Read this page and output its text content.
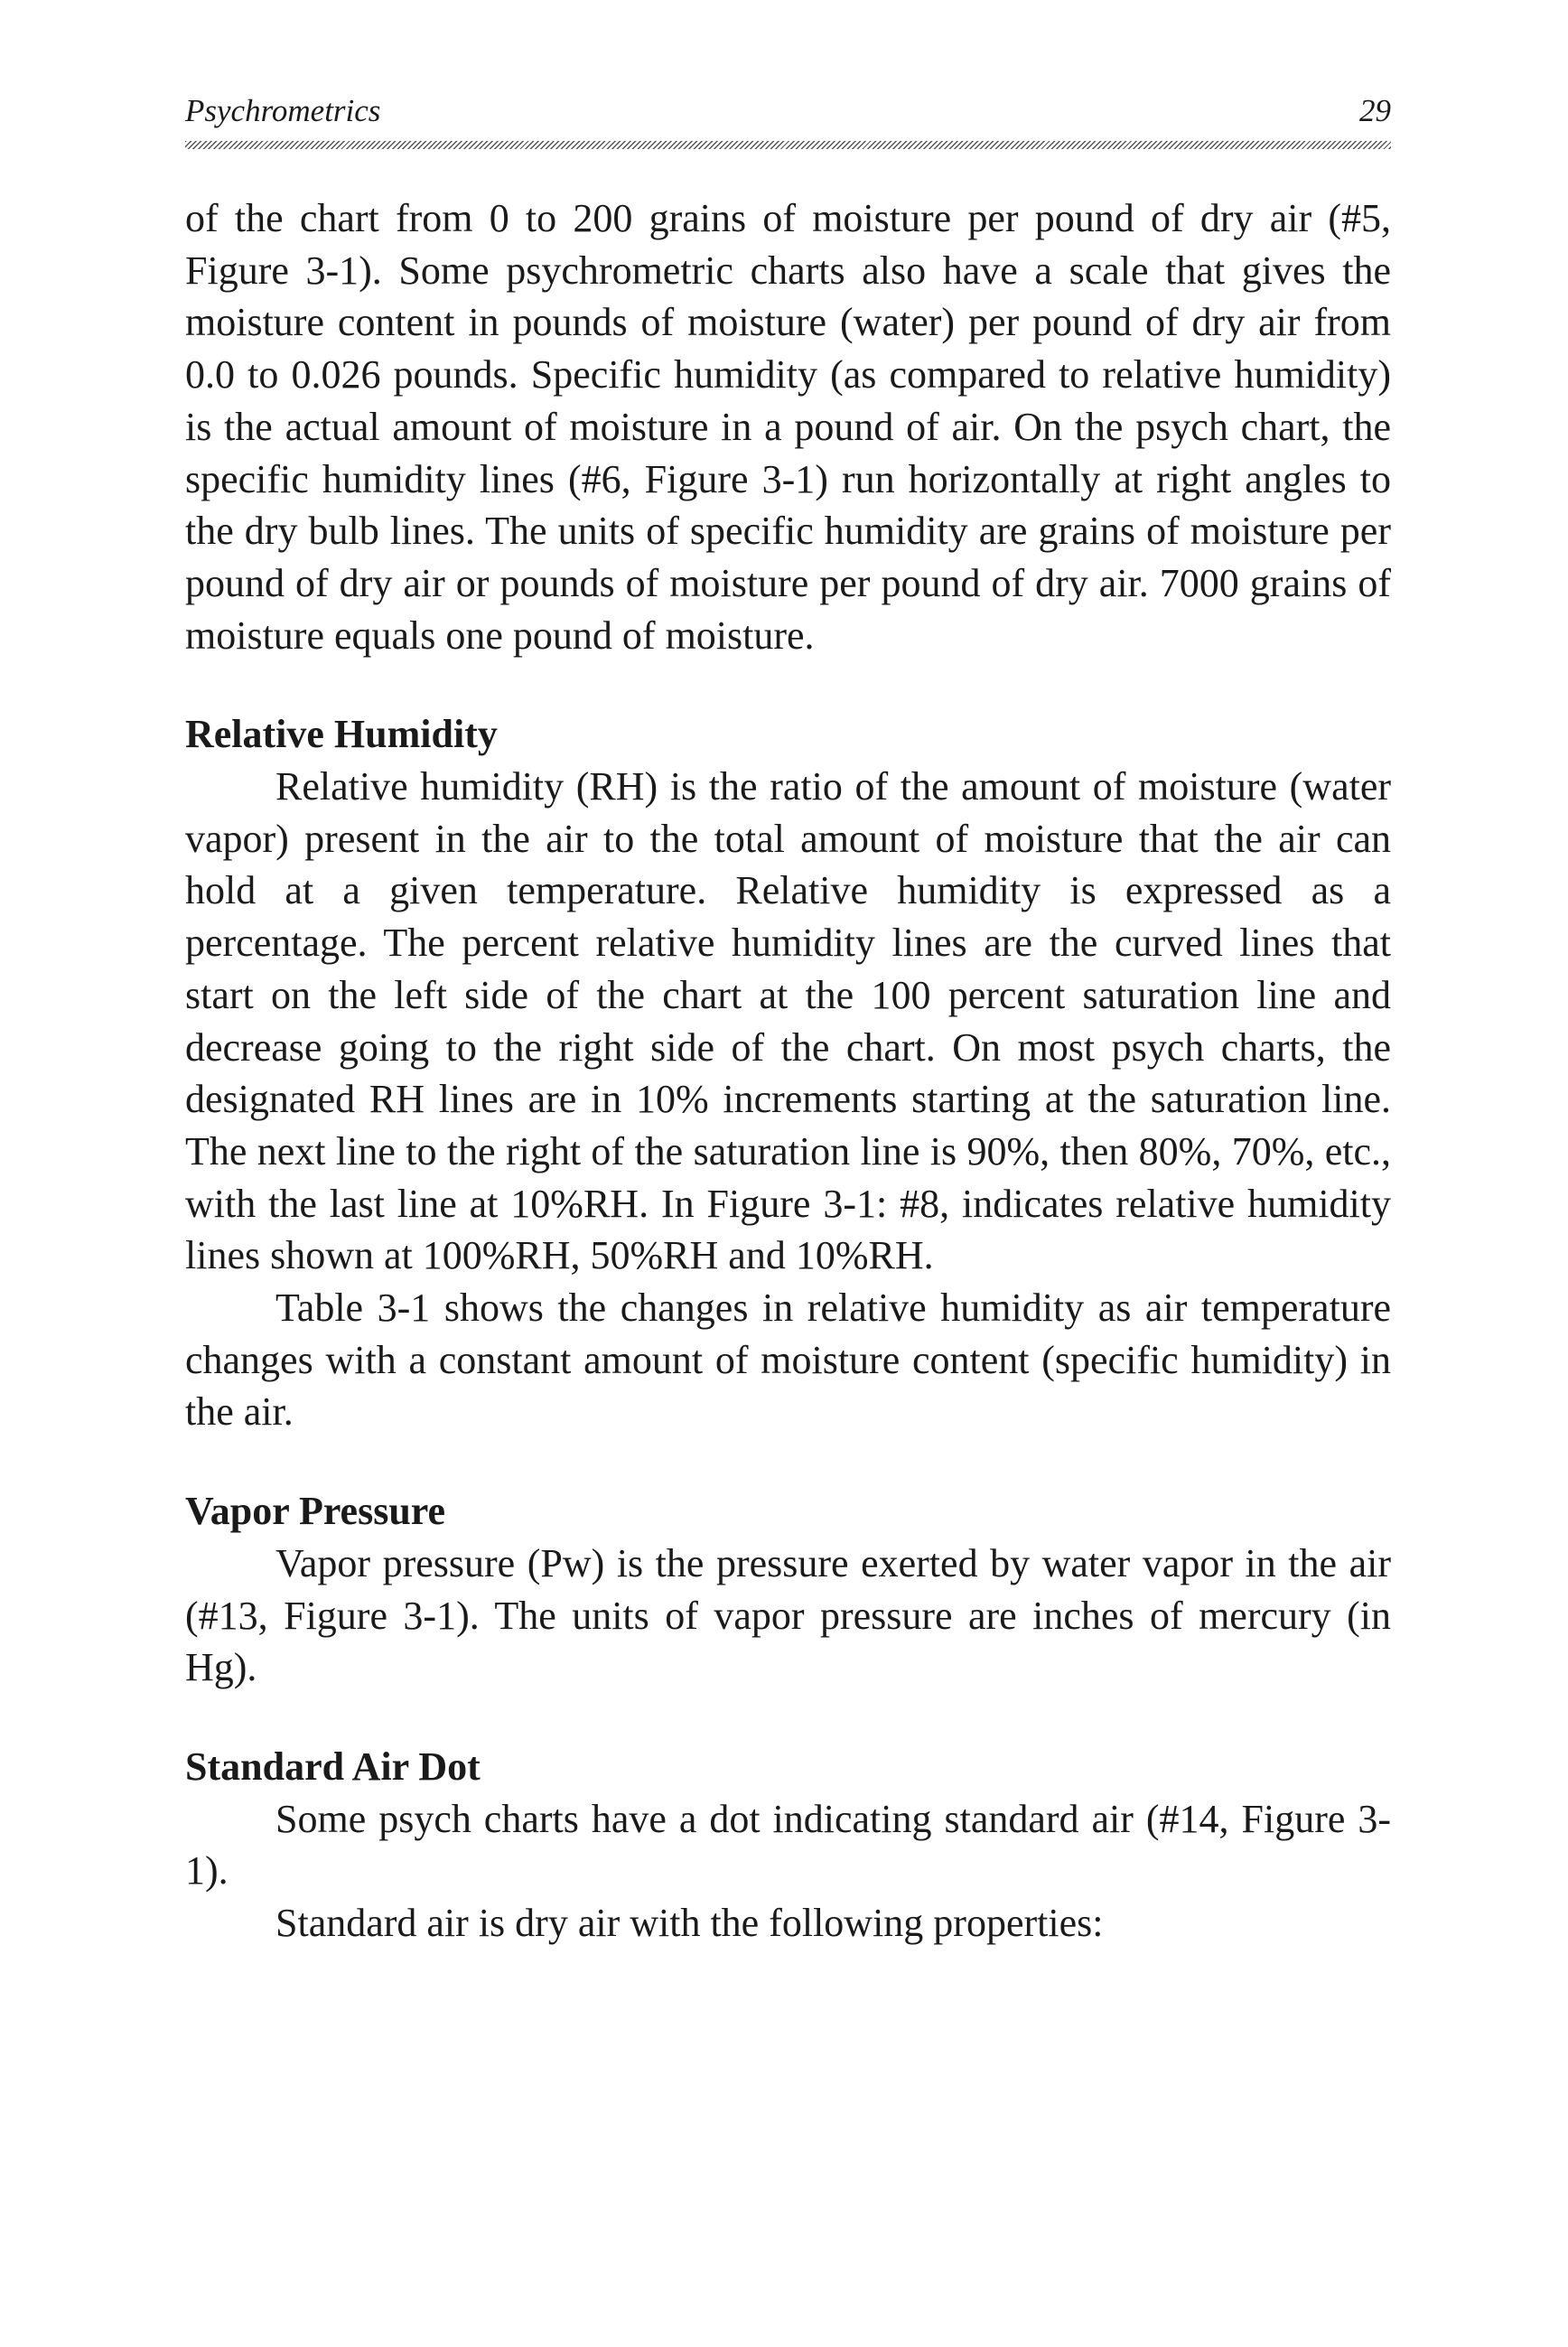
Psychrometrics	29

of the chart from 0 to 200 grains of moisture per pound of dry air (#5, Figure 3-1). Some psychrometric charts also have a scale that gives the moisture content in pounds of moisture (water) per pound of dry air from 0.0 to 0.026 pounds. Specific humidity (as compared to relative humidity) is the actual amount of moisture in a pound of air. On the psych chart, the specific humidity lines (#6, Figure 3-1) run horizontally at right angles to the dry bulb lines. The units of specific humidity are grains of moisture per pound of dry air or pounds of moisture per pound of dry air. 7000 grains of moisture equals one pound of moisture.

Relative Humidity

Relative humidity (RH) is the ratio of the amount of moisture (water vapor) present in the air to the total amount of moisture that the air can hold at a given temperature. Relative humidity is expressed as a percentage. The percent relative humidity lines are the curved lines that start on the left side of the chart at the 100 percent saturation line and decrease going to the right side of the chart. On most psych charts, the designated RH lines are in 10% increments starting at the saturation line. The next line to the right of the saturation line is 90%, then 80%, 70%, etc., with the last line at 10%RH. In Figure 3-1: #8, indicates relative humidity lines shown at 100%RH, 50%RH and 10%RH.

Table 3-1 shows the changes in relative humidity as air temperature changes with a constant amount of moisture content (specific humidity) in the air.

Vapor Pressure

Vapor pressure (Pw) is the pressure exerted by water vapor in the air (#13, Figure 3-1). The units of vapor pressure are inches of mercury (in Hg).

Standard Air Dot

Some psych charts have a dot indicating standard air (#14, Figure 3-1).

Standard air is dry air with the following properties:
